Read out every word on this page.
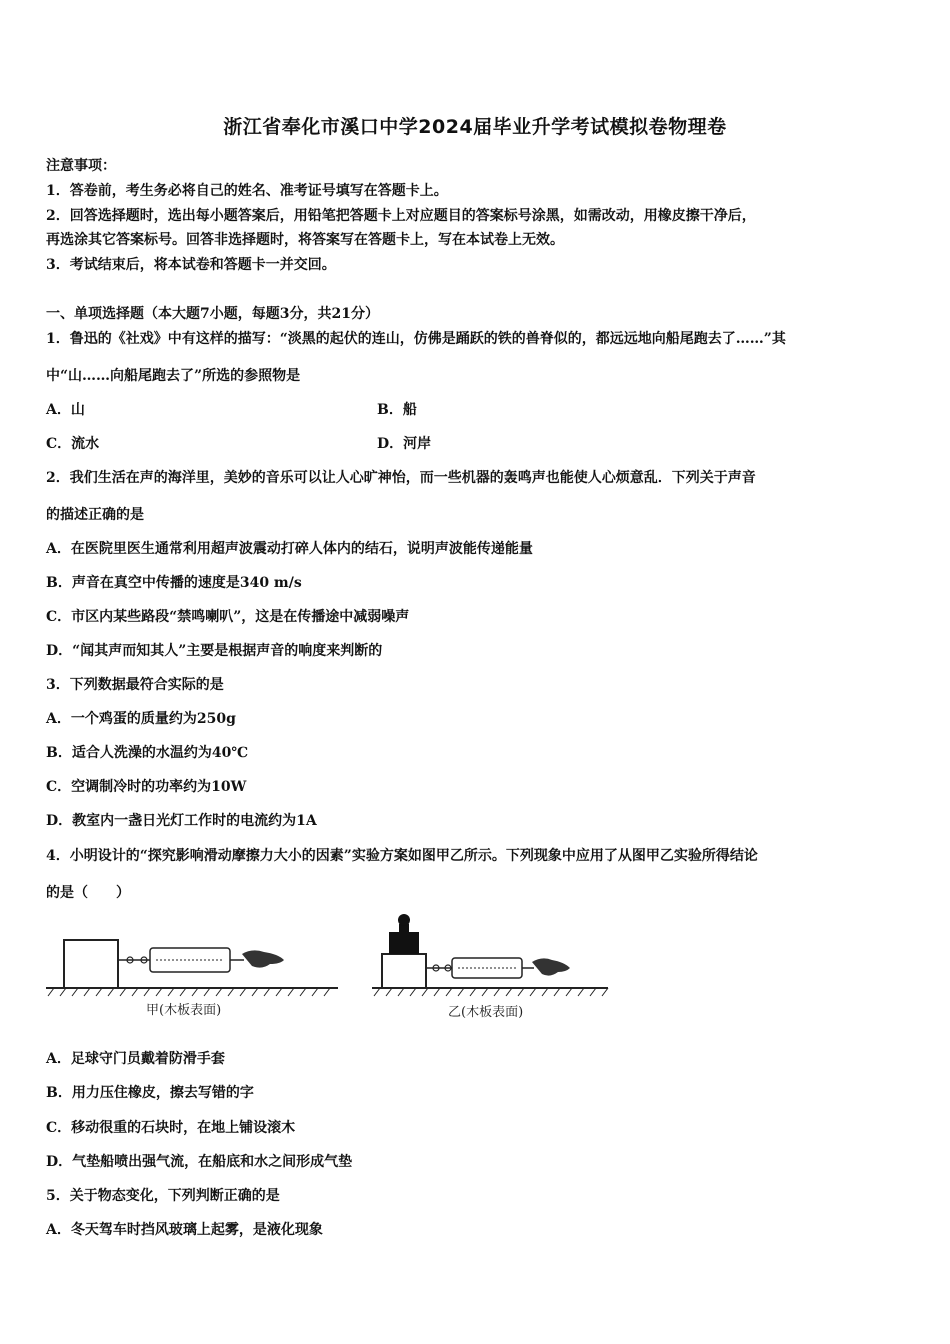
浙江省奉化市溪口中学2024届毕业升学考试模拟卷物理卷
注意事项：
1．答卷前，考生务必将自己的姓名、准考证号填写在答题卡上。
2．回答选择题时，选出每小题答案后，用铅笔把答题卡上对应题目的答案标号涂黑，如需改动，用橡皮擦干净后，
再选涂其它答案标号。回答非选择题时，将答案写在答题卡上，写在本试卷上无效。
3．考试结束后，将本试卷和答题卡一并交回。
一、单项选择题（本大题7小题，每题3分，共21分）
1．鲁迅的《社戏》中有这样的描写：“淡黑的起伏的连山，仿佛是踊跃的铁的兽脊似的，都远远地向船尾跑去了……”其
中“山……向船尾跑去了”所选的参照物是
A．山	B．船
C．流水	D．河岸
2．我们生活在声的海洋里，美妙的音乐可以让人心旷神怡，而一些机器的轰鸣声也能使人心烦意乱．下列关于声音
的描述正确的是
A．在医院里医生通常利用超声波震动打碎人体内的结石，说明声波能传递能量
B．声音在真空中传播的速度是340 m/s
C．市区内某些路段“禁鸣喇叭”，这是在传播途中减弱噪声
D．“闻其声而知其人”主要是根据声音的响度来判断的
3．下列数据最符合实际的是
A．一个鸡蛋的质量约为250g
B．适合人洗澡的水温约为40℃
C．空调制冷时的功率约为10W
D．教室内一盏日光灯工作时的电流约为1A
4．小明设计的“探究影响滑动摩擦力大小的因素”实验方案如图甲乙所示。下列现象中应用了从图甲乙实验所得结论
的是（　　）
甲(木板表面)	乙(木板表面)
A．足球守门员戴着防滑手套
B．用力压住橡皮，擦去写错的字
C．移动很重的石块时，在地上铺设滚木
D．气垫船喷出强气流，在船底和水之间形成气垫
5．关于物态变化，下列判断正确的是
A．冬天驾车时挡风玻璃上起雾，是液化现象
